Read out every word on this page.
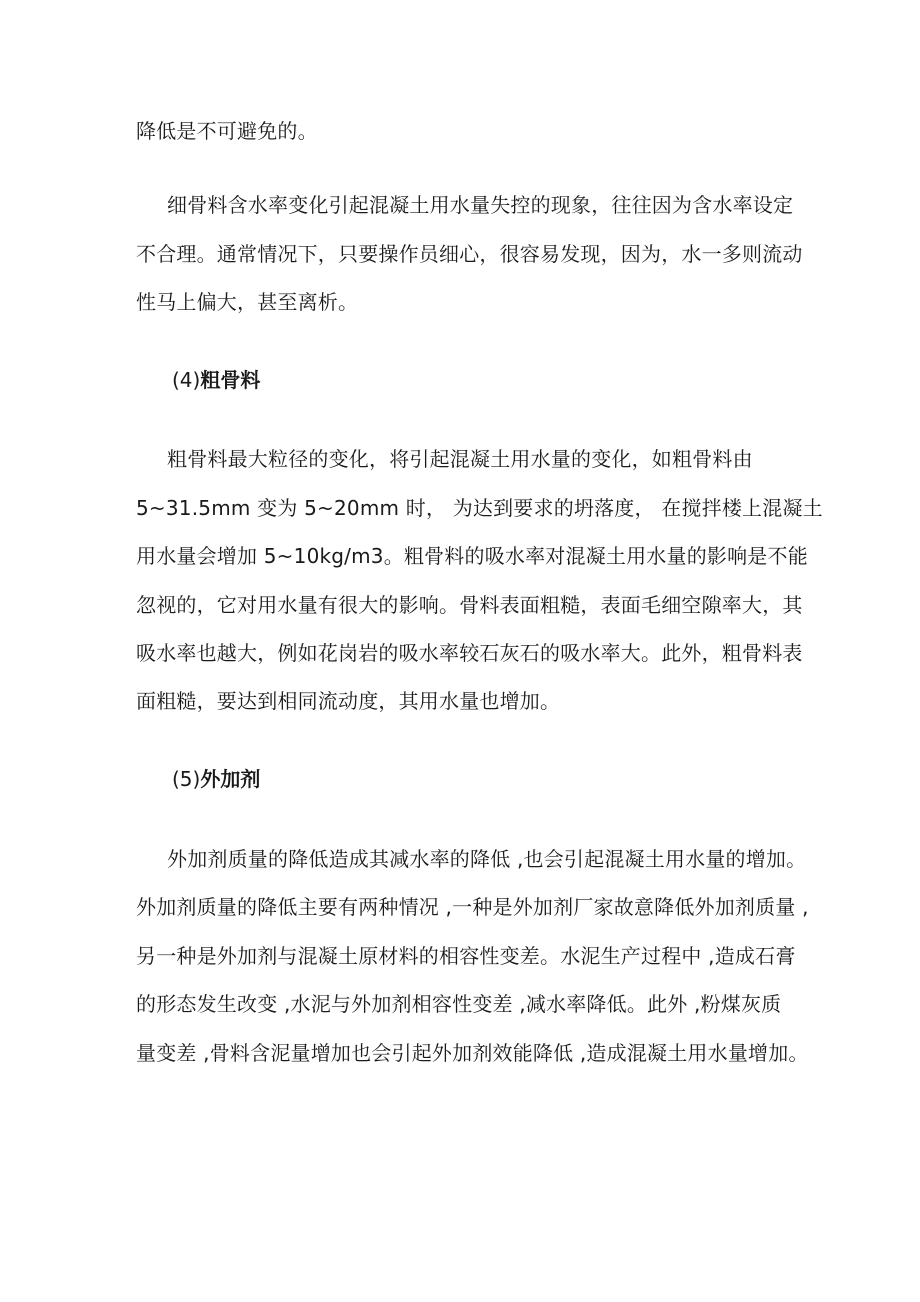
降低是不可避免的。
细骨料含水率变化引起混凝土用水量失控的现象，往往因为含水率设定
不合理。通常情况下，只要操作员细心，很容易发现，因为，水一多则流动
性马上偏大，甚至离析。
(4)粗骨料
粗骨料最大粒径的变化，将引起混凝土用水量的变化，如粗骨料由
5~31.5mm 变为 5~20mm 时， 为达到要求的坍落度， 在搅拌楼上混凝土
用水量会增加 5~10kg/m3。粗骨料的吸水率对混凝土用水量的影响是不能
忽视的，它对用水量有很大的影响。骨料表面粗糙，表面毛细空隙率大，其
吸水率也越大，例如花岗岩的吸水率较石灰石的吸水率大。此外，粗骨料表
面粗糙，要达到相同流动度，其用水量也增加。
(5)外加剂
外加剂质量的降低造成其减水率的降低 ,也会引起混凝土用水量的增加。
外加剂质量的降低主要有两种情况 ,一种是外加剂厂家故意降低外加剂质量 ,
另一种是外加剂与混凝土原材料的相容性变差。水泥生产过程中 ,造成石膏
的形态发生改变 ,水泥与外加剂相容性变差 ,减水率降低。此外 ,粉煤灰质
量变差 ,骨料含泥量增加也会引起外加剂效能降低 ,造成混凝土用水量增加。
